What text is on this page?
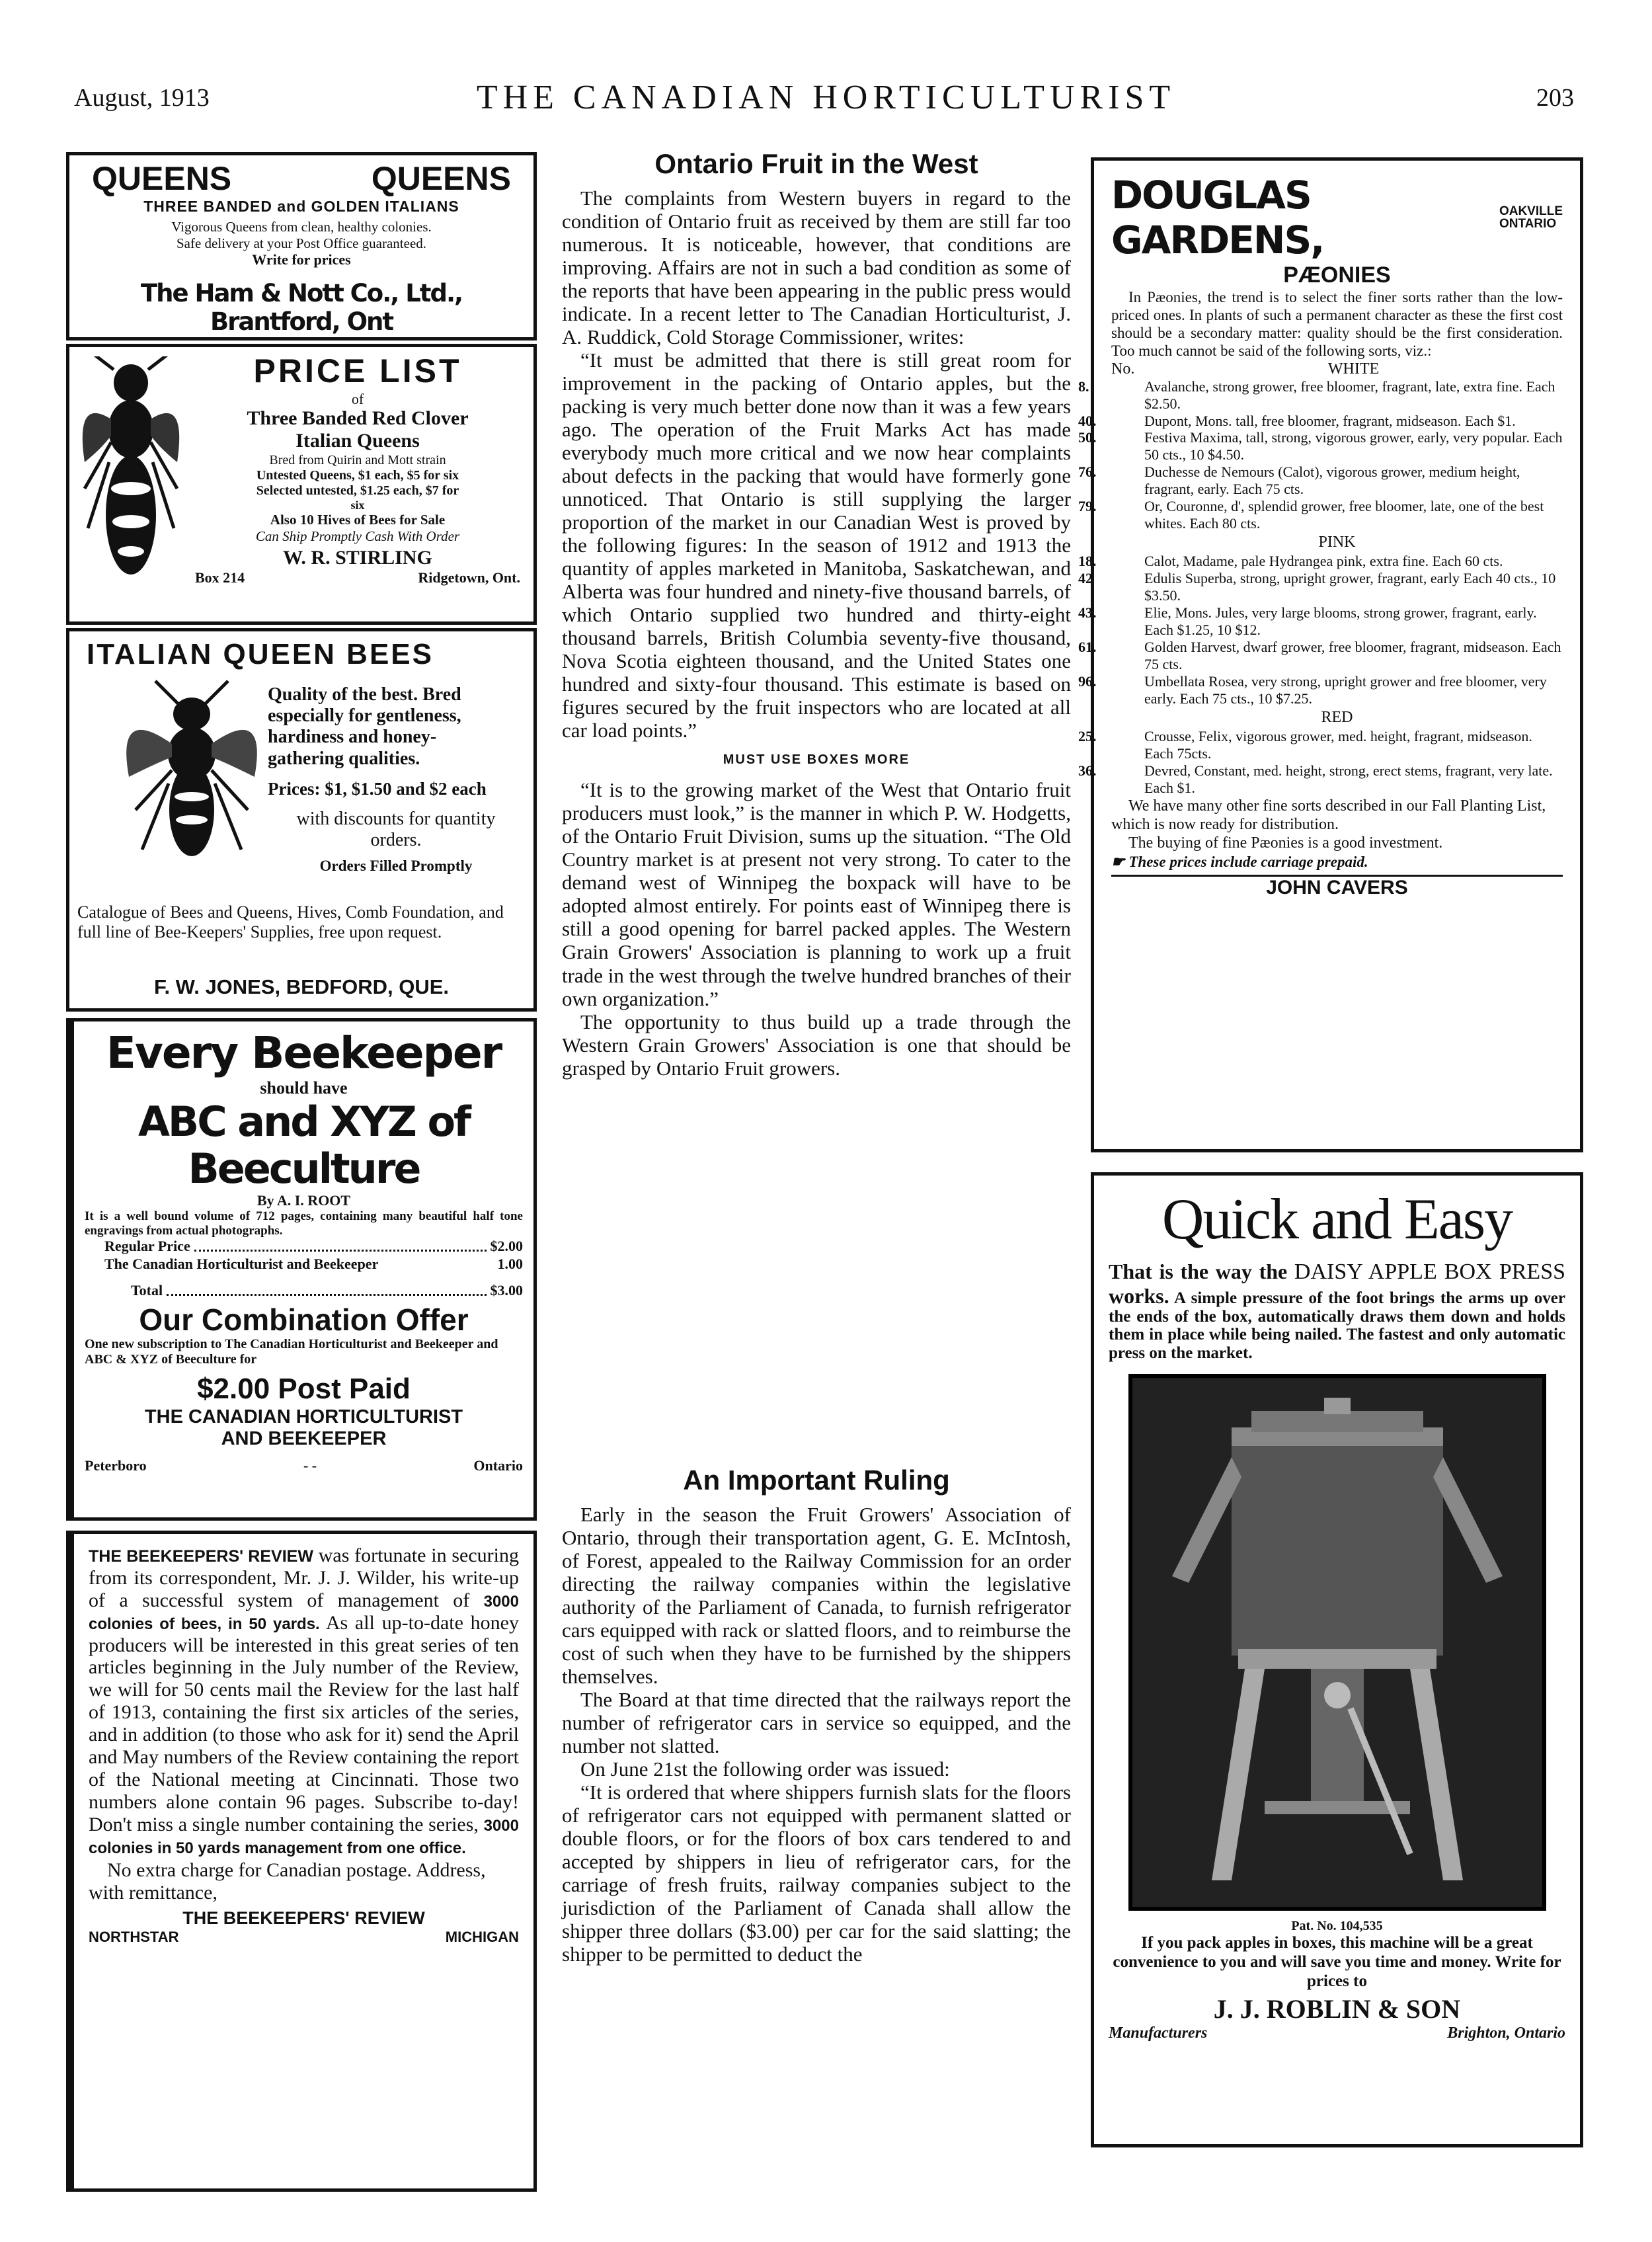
August, 1913	THE CANADIAN HORTICULTURIST	203
QUEENS	QUEENS

THREE BANDED and GOLDEN ITALIANS

Vigorous Queens from clean, healthy colonies.

Safe delivery at your Post Office guaranteed.

Write for prices

The Ham & Nott Co., Ltd., Brantford, Ont

PRICE LIST

of

Three Banded Red Clover

Italian Queens

Bred from Quirin and Mott strain

Untested Queens, $1 each, $5 for six

Selected untested, $1.25 each, $7 for

six

Also 10 Hives of Bees for Sale

Can Ship Promptly Cash With Order

W. R. STIRLING

Box 214	Ridgetown, Ont.

ITALIAN QUEEN BEES

Quality of the best. Bred

especially for gentleness,

hardiness and honey-

gathering qualities.

Prices: $1, $1.50 and $2 each

with discounts for quantity

orders.

Orders Filled Promptly

Catalogue of Bees and Queens, Hives, Comb Foundation, and full line of Bee-Keepers' Supplies, free upon request.

F. W. JONES, BEDFORD, QUE.

Every Beekeeper

should have

ABC and XYZ of Beeculture

By A. I. ROOT

It is a well bound volume of 712 pages, containing many beautiful half tone engravings from actual photographs.

Regular Price	$2.00
The Canadian Horticulturist and Beekeeper	1.00
Total	$3.00

Our Combination Offer

One new subscription to The Canadian Horticulturist and Beekeeper and ABC & XYZ of Beeculture for

$2.00 Post Paid

THE CANADIAN HORTICULTURIST

AND BEEKEEPER

Peterboro	- -	Ontario

THE BEEKEEPERS' REVIEW was fortunate in securing from its correspondent, Mr. J. J. Wilder, his write-up of a successful system of management of 3000 colonies of bees, in 50 yards. As all up-to-date honey producers will be interested in this great series of ten articles beginning in the July number of the Review, we will for 50 cents mail the Review for the last half of 1913, containing the first six articles of the series, and in addition (to those who ask for it) send the April and May numbers of the Review containing the report of the National meeting at Cincinnati. Those two numbers alone contain 96 pages. Subscribe to-day! Don't miss a single number containing the series, 3000 colonies in 50 yards management from one office.

No extra charge for Canadian postage. Address, with remittance,

THE BEEKEEPERS' REVIEW

NORTHSTAR	MICHIGAN

Ontario Fruit in the West

The complaints from Western buyers in regard to the condition of Ontario fruit as received by them are still far too numerous. It is noticeable, however, that conditions are improving. Affairs are not in such a bad condition as some of the reports that have been appearing in the public press would indicate. In a recent letter to The Canadian Horticulturist, J. A. Ruddick, Cold Storage Commissioner, writes:

“It must be admitted that there is still great room for improvement in the packing of Ontario apples, but the packing is very much better done now than it was a few years ago. The operation of the Fruit Marks Act has made everybody much more critical and we now hear complaints about defects in the packing that would have formerly gone unnoticed. That Ontario is still supplying the larger proportion of the market in our Canadian West is proved by the following figures: In the season of 1912 and 1913 the quantity of apples marketed in Manitoba, Saskatchewan, and Alberta was four hundred and ninety-five thousand barrels, of which Ontario supplied two hundred and thirty-eight thousand barrels, British Columbia seventy-five thousand, Nova Scotia eighteen thousand, and the United States one hundred and sixty-four thousand. This estimate is based on figures secured by the fruit inspectors who are located at all car load points.”

MUST USE BOXES MORE

“It is to the growing market of the West that Ontario fruit producers must look,” is the manner in which P. W. Hodgetts, of the Ontario Fruit Division, sums up the situation. “The Old Country market is at present not very strong. To cater to the demand west of Winnipeg the boxpack will have to be adopted almost entirely. For points east of Winnipeg there is still a good opening for barrel packed apples. The Western Grain Growers' Association is planning to work up a fruit trade in the west through the twelve hundred branches of their own organization.”

The opportunity to thus build up a trade through the Western Grain Growers' Association is one that should be grasped by Ontario Fruit growers.

An Important Ruling

Early in the season the Fruit Growers' Association of Ontario, through their transportation agent, G. E. McIntosh, of Forest, appealed to the Railway Commission for an order directing the railway companies within the legislative authority of the Parliament of Canada, to furnish refrigerator cars equipped with rack or slatted floors, and to reimburse the cost of such when they have to be furnished by the shippers themselves.

The Board at that time directed that the railways report the number of refrigerator cars in service so equipped, and the number not slatted.

On June 21st the following order was issued:

“It is ordered that where shippers furnish slats for the floors of refrigerator cars not equipped with permanent slatted or double floors, or for the floors of box cars tendered to and accepted by shippers in lieu of refrigerator cars, for the carriage of fresh fruits, railway companies subject to the jurisdiction of the Parliament of Canada shall allow the shipper three dollars ($3.00) per car for the said slatting; the shipper to be permitted to deduct the

DOUGLAS GARDENS,
OAKVILLE
ONTARIO

PÆONIES

In Pæonies, the trend is to select the finer sorts rather than the low-priced ones. In plants of such a permanent character as these the first cost should be a secondary matter: quality should be the first consideration. Too much cannot be said of the following sorts, viz.:

No.	WHITE

8.	Avalanche, strong grower, free bloomer, fragrant, late, extra fine. Each $2.50.

40.	Dupont, Mons. tall, free bloomer, fragrant, midseason. Each $1.

50.	Festiva Maxima, tall, strong, vigorous grower, early, very popular. Each 50 cts., 10 $4.50.

76.	Duchesse de Nemours (Calot), vigorous grower, medium height, fragrant, early. Each 75 cts.

79.	Or, Couronne, d', splendid grower, free bloomer, late, one of the best whites. Each 80 cts.

PINK

18.	Calot, Madame, pale Hydrangea pink, extra fine. Each 60 cts.

42	Edulis Superba, strong, upright grower, fragrant, early Each 40 cts., 10 $3.50.

43.	Elie, Mons. Jules, very large blooms, strong grower, fragrant, early. Each $1.25, 10 $12.

61.	Golden Harvest, dwarf grower, free bloomer, fragrant, midseason. Each 75 cts.

96.	Umbellata Rosea, very strong, upright grower and free bloomer, very early. Each 75 cts., 10 $7.25.

RED

25.	Crousse, Felix, vigorous grower, med. height, fragrant, midseason. Each 75cts.

36.	Devred, Constant, med. height, strong, erect stems, fragrant, very late. Each $1.

We have many other fine sorts described in our Fall Planting List, which is now ready for distribution.

The buying of fine Pæonies is a good investment.

☛ These prices include carriage prepaid.

JOHN CAVERS

Quick and Easy

That is the way the DAISY APPLE BOX PRESS works. A simple pressure of the foot brings the arms up over the ends of the box, automatically draws them down and holds them in place while being nailed. The fastest and only automatic press on the market.

Pat. No. 104,535

If you pack apples in boxes, this machine will be a great convenience to you and will save you time and money. Write for prices to

J. J. ROBLIN & SON

Manufacturers	Brighton, Ontario
